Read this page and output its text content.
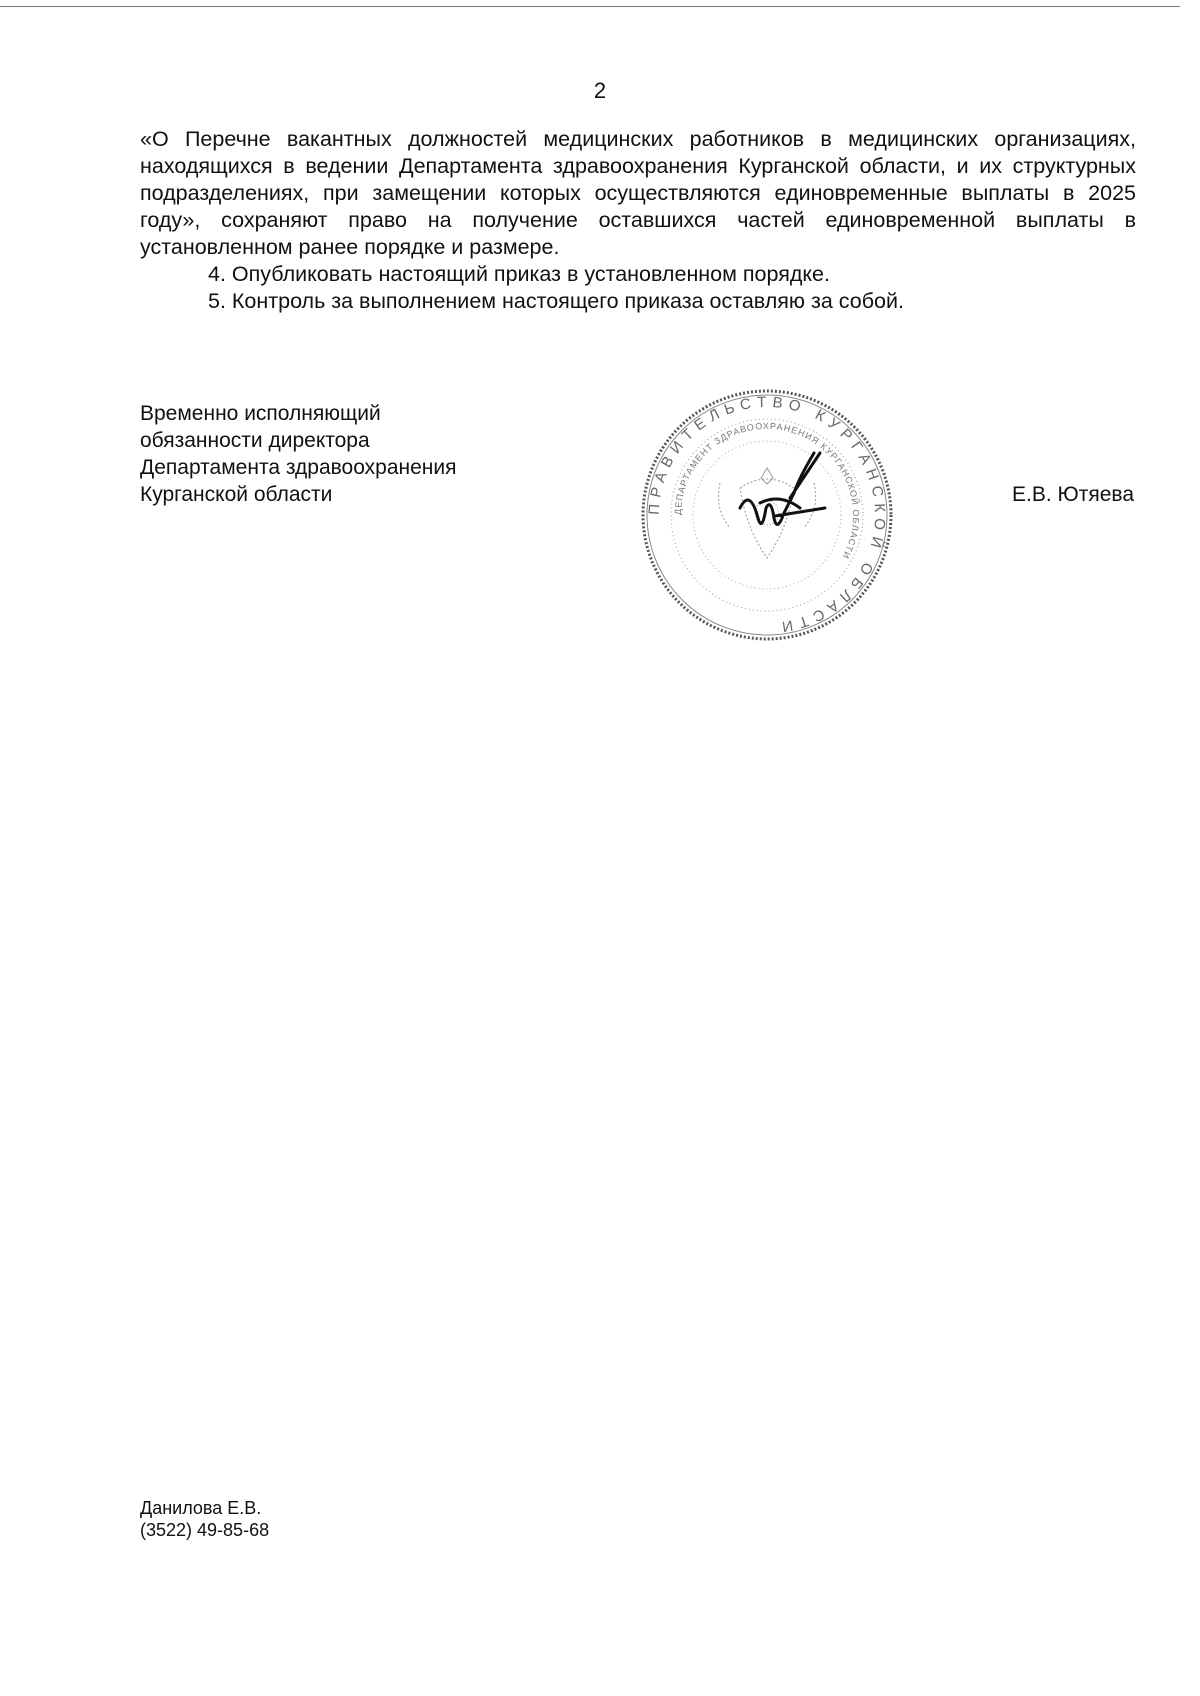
2

«О Перечне вакантных должностей медицинских работников в медицинских организациях, находящихся в ведении Департамента здравоохранения Курганской области, и их структурных подразделениях, при замещении которых осуществляются единовременные выплаты в 2025 году», сохраняют право на получение оставшихся частей единовременной выплаты в установленном ранее порядке и размере.

4. Опубликовать настоящий приказ в установленном порядке.

5. Контроль за выполнением настоящего приказа оставляю за собой.

Временно исполняющий
обязанности директора
Департамента здравоохранения
Курганской области
ПРАВИТЕЛЬСТВО КУРГАНСКОЙ ОБЛАСТИ
ДЕПАРТАМЕНТ ЗДРАВООХРАНЕНИЯ КУРГАНСКОЙ ОБЛАСТИ
Е.В. Ютяева
Данилова Е.В.
(3522) 49-85-68
